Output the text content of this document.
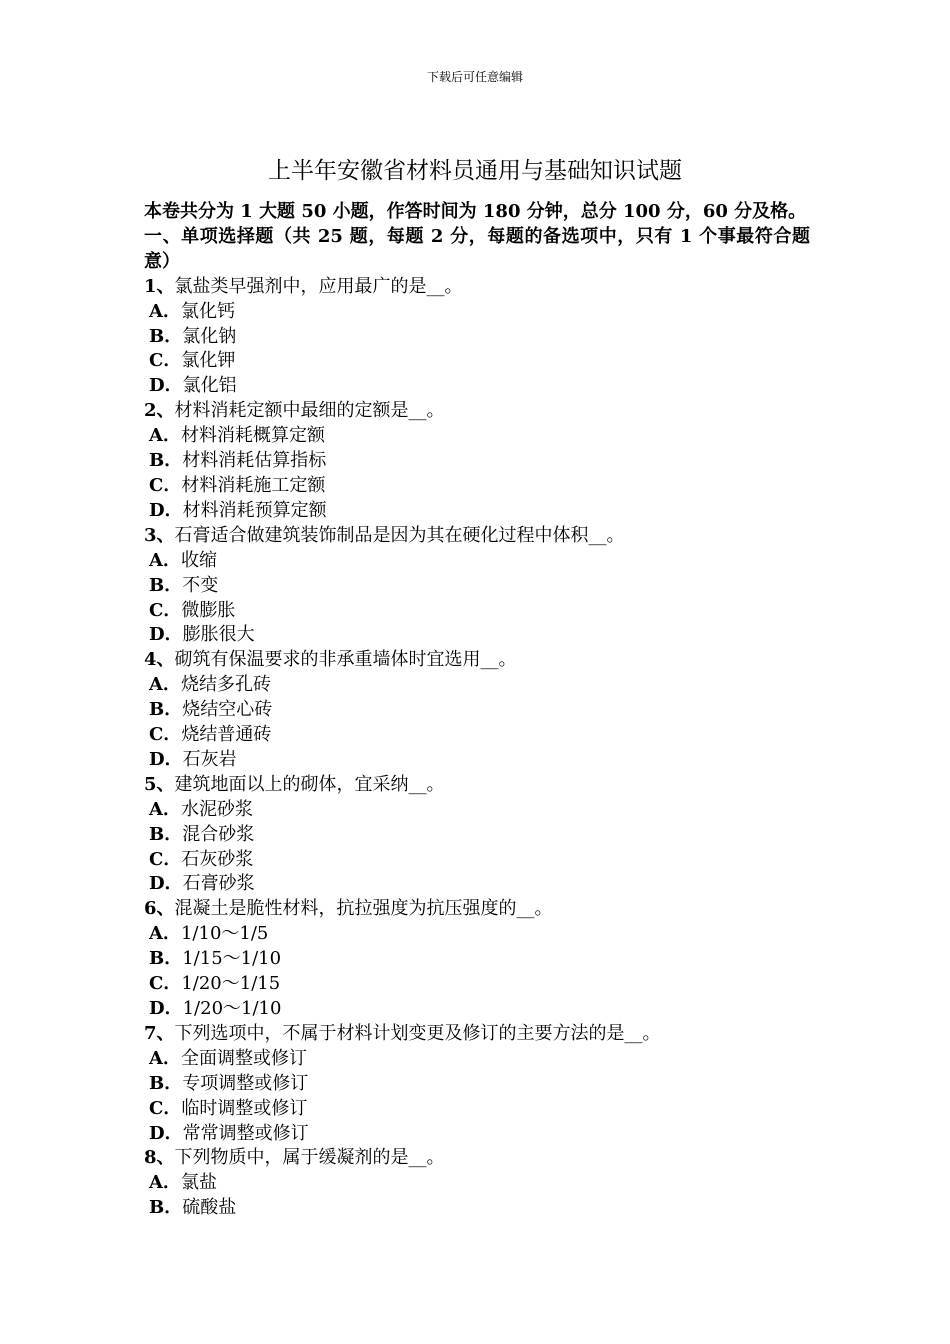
下载后可任意编辑
上半年安徽省材料员通用与基础知识试题
本卷共分为 1 大题 50 小题，作答时间为 180 分钟，总分 100 分，60 分及格。
一、单项选择题（共 25 题，每题 2 分，每题的备选项中，只有 1 个事最符合题意）
1、氯盐类早强剂中，应用最广的是__。
A．氯化钙
B．氯化钠
C．氯化钾
D．氯化铝
2、材料消耗定额中最细的定额是__。
A．材料消耗概算定额
B．材料消耗估算指标
C．材料消耗施工定额
D．材料消耗预算定额
3、石膏适合做建筑装饰制品是因为其在硬化过程中体积__。
A．收缩
B．不变
C．微膨胀
D．膨胀很大
4、砌筑有保温要求的非承重墙体时宜选用__。
A．烧结多孔砖
B．烧结空心砖
C．烧结普通砖
D．石灰岩
5、建筑地面以上的砌体，宜采纳__。
A．水泥砂浆
B．混合砂浆
C．石灰砂浆
D．石膏砂浆
6、混凝土是脆性材料，抗拉强度为抗压强度的__。
A．1/10～1/5
B．1/15～1/10
C．1/20～1/15
D．1/20～1/10
7、下列选项中，不属于材料计划变更及修订的主要方法的是__。
A．全面调整或修订
B．专项调整或修订
C．临时调整或修订
D．常常调整或修订
8、下列物质中，属于缓凝剂的是__。
A．氯盐
B．硫酸盐
